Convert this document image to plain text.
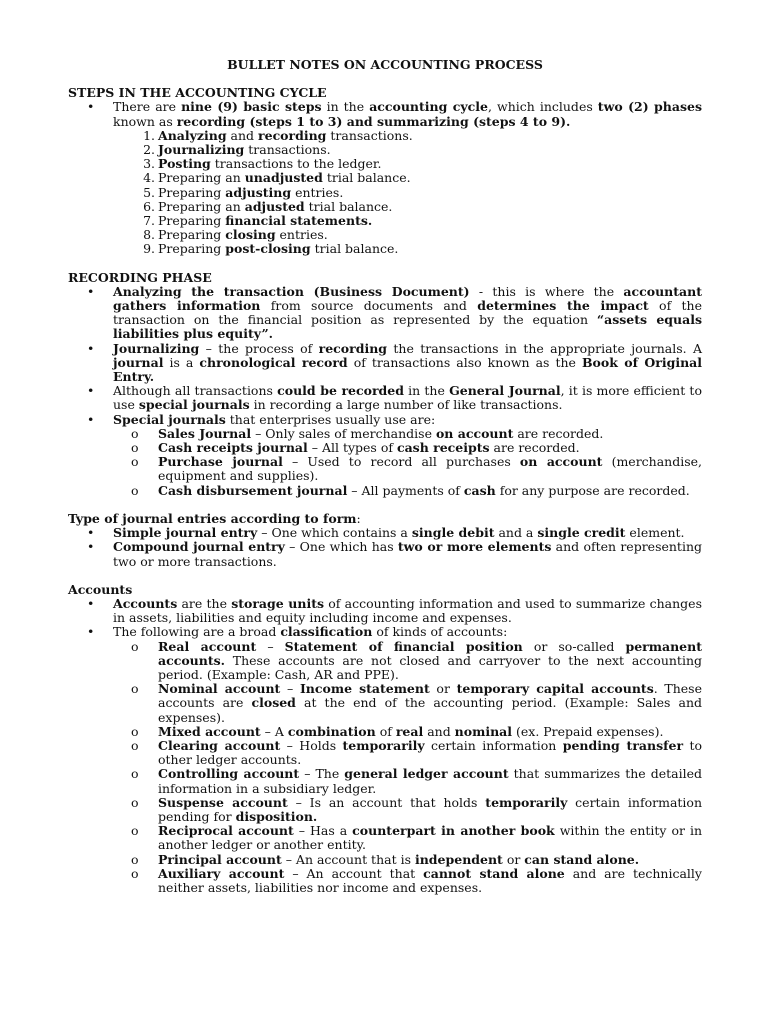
BULLET NOTES ON ACCOUNTING PROCESS
STEPS IN THE ACCOUNTING CYCLE
• There are nine (9) basic steps in the accounting cycle, which includes two (2) phases known as recording (steps 1 to 3) and summarizing (steps 4 to 9).
1. Analyzing and recording transactions.
2. Journalizing transactions.
3. Posting transactions to the ledger.
4. Preparing an unadjusted trial balance.
5. Preparing adjusting entries.
6. Preparing an adjusted trial balance.
7. Preparing financial statements.
8. Preparing closing entries.
9. Preparing post-closing trial balance.
RECORDING PHASE
• Analyzing the transaction (Business Document) - this is where the accountant gathers information from source documents and determines the impact of the transaction on the financial position as represented by the equation “assets equals liabilities plus equity”.
• Journalizing – the process of recording the transactions in the appropriate journals. A journal is a chronological record of transactions also known as the Book of Original Entry.
• Although all transactions could be recorded in the General Journal, it is more efficient to use special journals in recording a large number of like transactions.
• Special journals that enterprises usually use are:
o Sales Journal – Only sales of merchandise on account are recorded.
o Cash receipts journal – All types of cash receipts are recorded.
o Purchase journal – Used to record all purchases on account (merchandise, equipment and supplies).
o Cash disbursement journal – All payments of cash for any purpose are recorded.
Type of journal entries according to form:
• Simple journal entry – One which contains a single debit and a single credit element.
• Compound journal entry – One which has two or more elements and often representing two or more transactions.
Accounts
• Accounts are the storage units of accounting information and used to summarize changes in assets, liabilities and equity including income and expenses.
• The following are a broad classification of kinds of accounts:
o Real account – Statement of financial position or so-called permanent accounts. These accounts are not closed and carryover to the next accounting period. (Example: Cash, AR and PPE).
o Nominal account – Income statement or temporary capital accounts. These accounts are closed at the end of the accounting period. (Example: Sales and expenses).
o Mixed account – A combination of real and nominal (ex. Prepaid expenses).
o Clearing account – Holds temporarily certain information pending transfer to other ledger accounts.
o Controlling account – The general ledger account that summarizes the detailed information in a subsidiary ledger.
o Suspense account – Is an account that holds temporarily certain information pending for disposition.
o Reciprocal account – Has a counterpart in another book within the entity or in another ledger or another entity.
o Principal account – An account that is independent or can stand alone.
o Auxiliary account – An account that cannot stand alone and are technically neither assets, liabilities nor income and expenses.
